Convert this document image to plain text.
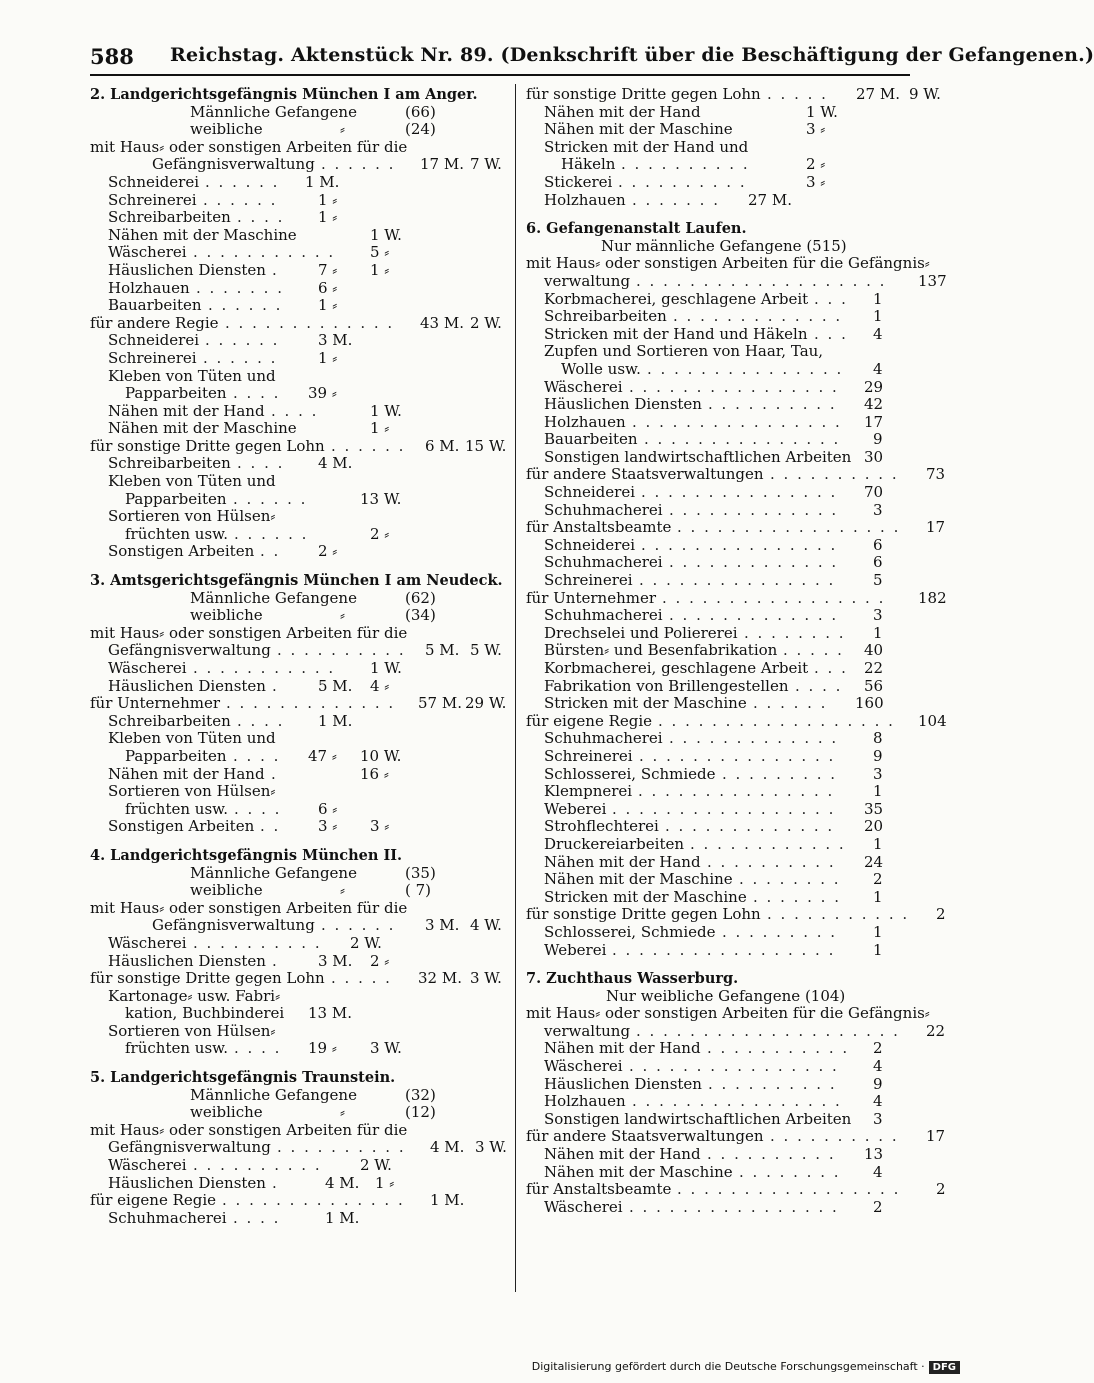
588 Reichstag. Aktenstück Nr. 89. (Denkschrift über die Beschäftigung der Gefangenen.)
2. Landgerichtsgefängnis München I am Anger.
Männliche Gefangene	(66)
weibliche	⸗	(24)
mit Haus⸗ oder sonstigen Arbeiten für die
Gefängnisverwaltung	17 M. 7 W.
. . . . . .
Schneiderei	1 M.
. . . . . .
Schreinerei	1 ⸗
. . . . . .
Schreibarbeiten	1 ⸗
. . . .
Nähen mit der Maschine	1 W.
Wäscherei	5 ⸗
. . . . . . . . . . .
Häuslichen Diensten	7 ⸗ 1 ⸗
.
Holzhauen	6 ⸗
. . . . . . .
Bauarbeiten	1 ⸗
. . . . . .
für andere Regie	43 M. 2 W.
. . . . . . . . . . . . .
Schneiderei	3 M.
. . . . . .
Schreinerei	1 ⸗
. . . . . .
Kleben von Tüten und
Papparbeiten	39 ⸗
. . . .
Nähen mit der Hand	1 W.
. . . .
Nähen mit der Maschine	1 ⸗
für sonstige Dritte gegen Lohn	6 M. 15 W.
. . . . . .
Schreibarbeiten	4 M.
. . . .
Kleben von Tüten und
Papparbeiten	13 W.
. . . . . .
Sortieren von Hülsen⸗
früchten usw.	2 ⸗
. . . . . .
Sonstigen Arbeiten	2 ⸗
. .
3. Amtsgerichtsgefängnis München I am Neudeck.
Männliche Gefangene	(62)
weibliche	⸗	(34)
mit Haus⸗ oder sonstigen Arbeiten für die
Gefängnisverwaltung	5 M. 5 W.
. . . . . . . . . .
Wäscherei	1 W.
. . . . . . . . . . .
Häuslichen Diensten	5 M. 4 ⸗
.
für Unternehmer	57 M. 29 W.
. . . . . . . . . . . . .
Schreibarbeiten	1 M.
. . . .
Kleben von Tüten und
Papparbeiten	47 ⸗ 10 W.
. . . .
Nähen mit der Hand	16 ⸗
.
Sortieren von Hülsen⸗
früchten usw.	6 ⸗
. . . .
Sonstigen Arbeiten	3 ⸗ 3 ⸗
. .
4. Landgerichtsgefängnis München II.
Männliche Gefangene	(35)
weibliche	⸗	( 7)
mit Haus⸗ oder sonstigen Arbeiten für die
Gefängnisverwaltung	3 M. 4 W.
. . . . . .
Wäscherei	2 W.
. . . . . . . . . .
Häuslichen Diensten	3 M. 2 ⸗
.
für sonstige Dritte gegen Lohn	32 M. 3 W.
. . . . .
Kartonage⸗ usw. Fabri⸗
kation, Buchbinderei 13 M.
Sortieren von Hülsen⸗
früchten usw.	19 ⸗ 3 W.
. . . .
5. Landgerichtsgefängnis Traunstein.
Männliche Gefangene	(32)
weibliche	⸗	(12)
mit Haus⸗ oder sonstigen Arbeiten für die
Gefängnisverwaltung	4 M. 3 W.
. . . . . . . . . .
Wäscherei	2 W.
. . . . . . . . . .
Häuslichen Diensten	4 M. 1 ⸗
.
für eigene Regie	1 M.
. . . . . . . . . . . . . .
Schuhmacherei	1 M.
. . . .
für sonstige Dritte gegen Lohn	27 M. 9 W.
. . . . .
Nähen mit der Hand	1 W.
Nähen mit der Maschine	3 ⸗
Stricken mit der Hand und
Häkeln	2 ⸗
. . . . . . . . . .
Stickerei	3 ⸗
. . . . . . . . . .
Holzhauen	27 M.
. . . . . . .
6. Gefangenanstalt Laufen.
Nur männliche Gefangene (515)
mit Haus⸗ oder sonstigen Arbeiten für die Gefängnis⸗
verwaltung	137
. . . . . . . . . . . . . . . . . . .
Korbmacherei, geschlagene Arbeit	1
. . .
Schreibarbeiten	1
. . . . . . . . . . . . .
Stricken mit der Hand und Häkeln	4
. . .
Zupfen und Sortieren von Haar, Tau,
Wolle usw.	4
. . . . . . . . . . . . . . .
Wäscherei	29
. . . . . . . . . . . . . . . .
Häuslichen Diensten	42
. . . . . . . . . .
Holzhauen	17
. . . . . . . . . . . . . . . .
Bauarbeiten	9
. . . . . . . . . . . . . . .
Sonstigen landwirtschaftlichen Arbeiten 30
für andere Staatsverwaltungen	73
. . . . . . . . . .
Schneiderei	70
. . . . . . . . . . . . . . .
Schuhmacherei	3
. . . . . . . . . . . . .
für Anstaltsbeamte	17
. . . . . . . . . . . . . . . . .
Schneiderei	6
. . . . . . . . . . . . . . .
Schuhmacherei	6
. . . . . . . . . . . . .
Schreinerei	5
. . . . . . . . . . . . . . .
für Unternehmer	182
. . . . . . . . . . . . . . . . .
Schuhmacherei	3
. . . . . . . . . . . . .
Drechselei und Poliererei	1
. . . . . . . .
Bürsten⸗ und Besenfabrikation	40
. . . . .
Korbmacherei, geschlagene Arbeit	22
. . .
Fabrikation von Brillengestellen	56
. . . .
Stricken mit der Maschine	160
. . . . . .
für eigene Regie	104
. . . . . . . . . . . . . . . . . .
Schuhmacherei	8
. . . . . . . . . . . . .
Schreinerei	9
. . . . . . . . . . . . . . .
Schlosserei, Schmiede	3
. . . . . . . . .
Klempnerei	1
. . . . . . . . . . . . . . .
Weberei	35
. . . . . . . . . . . . . . . . .
Strohflechterei	20
. . . . . . . . . . . . .
Druckereiarbeiten	1
. . . . . . . . . . . .
Nähen mit der Hand	24
. . . . . . . . . .
Nähen mit der Maschine	2
. . . . . . . .
Stricken mit der Maschine	1
. . . . . . .
für sonstige Dritte gegen Lohn	2
. . . . . . . . . . .
Schlosserei, Schmiede	1
. . . . . . . . .
Weberei	1
. . . . . . . . . . . . . . . . .
7. Zuchthaus Wasserburg.
Nur weibliche Gefangene (104)
mit Haus⸗ oder sonstigen Arbeiten für die Gefängnis⸗
verwaltung	22
. . . . . . . . . . . . . . . . . . . .
Nähen mit der Hand	2
. . . . . . . . . . .
Wäscherei	4
. . . . . . . . . . . . . . . .
Häuslichen Diensten	9
. . . . . . . . . .
Holzhauen	4
. . . . . . . . . . . . . . . .
Sonstigen landwirtschaftlichen Arbeiten 3
für andere Staatsverwaltungen	17
. . . . . . . . . .
Nähen mit der Hand	13
. . . . . . . . . .
Nähen mit der Maschine	4
. . . . . . . .
für Anstaltsbeamte	2
. . . . . . . . . . . . . . . . .
Wäscherei	2
. . . . . . . . . . . . . . . .
Digitalisierung gefördert durch die Deutsche Forschungsgemeinschaft · DFG
